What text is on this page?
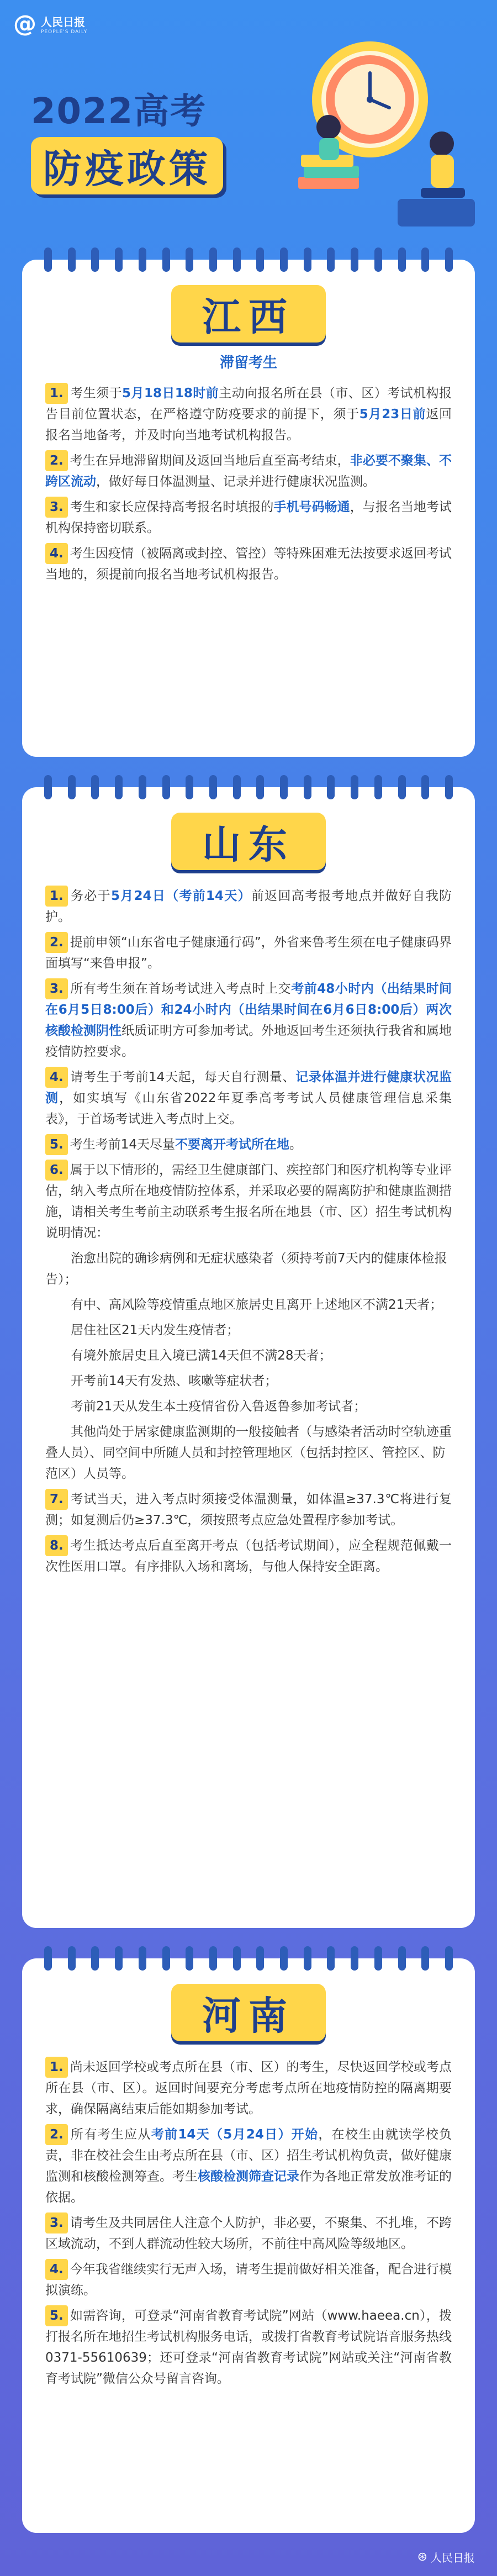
@ 人民日报
PEOPLE'S DAILY
2022高考
防疫政策
江西
滞留考生
1. 考生须于5月18日18时前主动向报名所在县（市、区）考试机构报告目前位置状态，在严格遵守防疫要求的前提下，须于5月23日前返回报名当地备考，并及时向当地考试机构报告。
2. 考生在异地滞留期间及返回当地后直至高考结束，非必要不聚集、不跨区流动，做好每日体温测量、记录并进行健康状况监测。
3. 考生和家长应保持高考报名时填报的手机号码畅通，与报名当地考试机构保持密切联系。
4. 考生因疫情（被隔离或封控、管控）等特殊困难无法按要求返回考试当地的，须提前向报名当地考试机构报告。
山东
1. 务必于5月24日（考前14天）前返回高考报考地点并做好自我防护。
2. 提前申领“山东省电子健康通行码”，外省来鲁考生须在电子健康码界面填写“来鲁申报”。
3. 所有考生须在首场考试进入考点时上交考前48小时内（出结果时间在6月5日8:00后）和24小时内（出结果时间在6月6日8:00后）两次核酸检测阴性纸质证明方可参加考试。外地返回考生还须执行我省和属地疫情防控要求。
4. 请考生于考前14天起，每天自行测量、记录体温并进行健康状况监测，如实填写《山东省2022年夏季高考考试人员健康管理信息采集表》，于首场考试进入考点时上交。
5. 考生考前14天尽量不要离开考试所在地。
6. 属于以下情形的，需经卫生健康部门、疾控部门和医疗机构等专业评估，纳入考点所在地疫情防控体系，并采取必要的隔离防护和健康监测措施，请相关考生考前主动联系考生报名所在地县（市、区）招生考试机构说明情况：
治愈出院的确诊病例和无症状感染者（须持考前7天内的健康体检报告）；
有中、高风险等疫情重点地区旅居史且离开上述地区不满21天者；
居住社区21天内发生疫情者；
有境外旅居史且入境已满14天但不满28天者；
开考前14天有发热、咳嗽等症状者；
考前21天从发生本土疫情省份入鲁返鲁参加考试者；
其他尚处于居家健康监测期的一般接触者（与感染者活动时空轨迹重叠人员）、同空间中所随人员和封控管理地区（包括封控区、管控区、防范区）人员等。
7. 考试当天，进入考点时须接受体温测量，如体温≥37.3℃将进行复测；如复测后仍≥37.3℃，须按照考点应急处置程序参加考试。
8. 考生抵达考点后直至离开考点（包括考试期间），应全程规范佩戴一次性医用口罩。有序排队入场和离场，与他人保持安全距离。
河南
1. 尚未返回学校或考点所在县（市、区）的考生，尽快返回学校或考点所在县（市、区）。返回时间要充分考虑考点所在地疫情防控的隔离期要求，确保隔离结束后能如期参加考试。
2. 所有考生应从考前14天（5月24日）开始，在校生由就读学校负责，非在校社会生由考点所在县（市、区）招生考试机构负责，做好健康监测和核酸检测筹查。考生核酸检测筛查记录作为各地正常发放准考证的依据。
3. 请考生及共同居住人注意个人防护，非必要，不聚集、不扎堆，不跨区域流动，不到人群流动性较大场所，不前往中高风险等级地区。
4. 今年我省继续实行无声入场，请考生提前做好相关准备，配合进行模拟演练。
5. 如需咨询，可登录“河南省教育考试院”网站（www.haeea.cn），拨打报名所在地招生考试机构服务电话，或拨打省教育考试院语音服务热线0371-55610639；还可登录“河南省教育考试院”网站或关注“河南省教育考试院”微信公众号留言咨询。
⊛ 人民日报
